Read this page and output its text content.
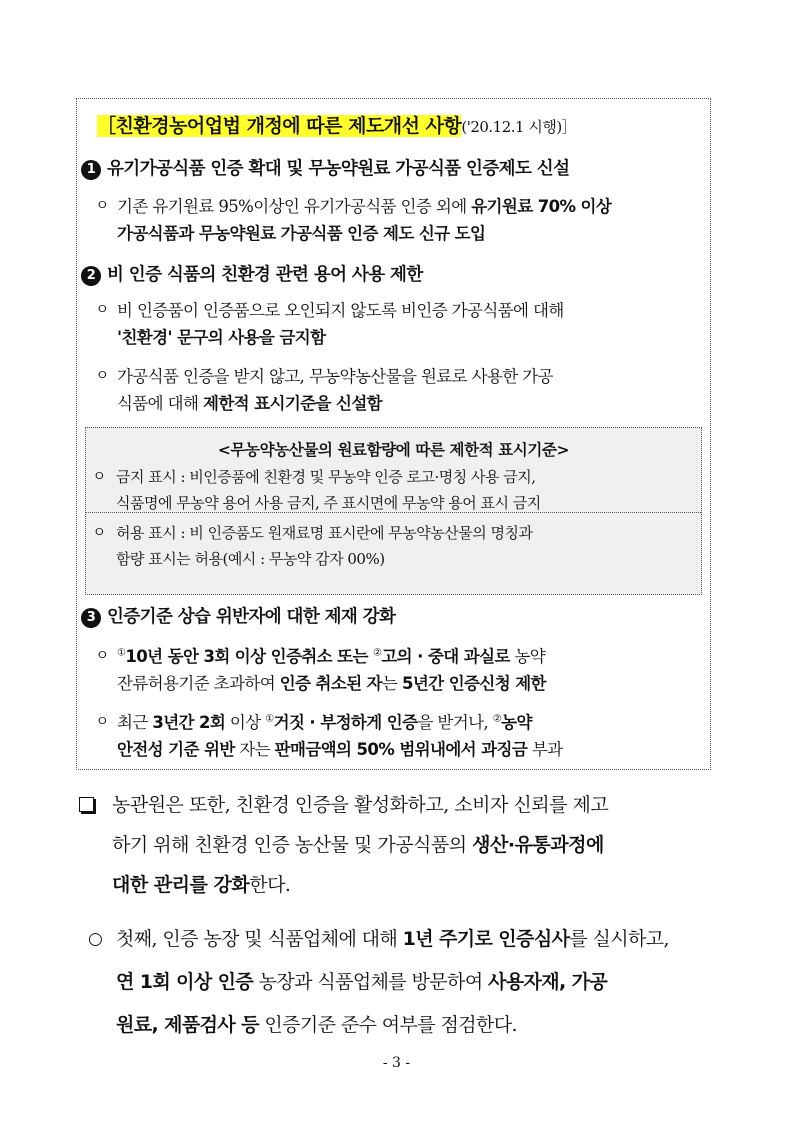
［친환경농어업법 개정에 따른 제도개선 사항('20.12.1 시행)］
1 유기가공식품 인증 확대 및 무농약원료 가공식품 인증제도 신설
ㅇ 기존 유기원료 95%이상인 유기가공식품 인증 외에 유기원료 70% 이상
가공식품과 무농약원료 가공식품 인증 제도 신규 도입
2 비 인증 식품의 친환경 관련 용어 사용 제한
ㅇ 비 인증품이 인증품으로 오인되지 않도록 비인증 가공식품에 대해
'친환경' 문구의 사용을 금지함
ㅇ 가공식품 인증을 받지 않고, 무농약농산물을 원료로 사용한 가공
식품에 대해 제한적 표시기준을 신설함
<무농약농산물의 원료함량에 따른 제한적 표시기준>
ㅇ 금지 표시 : 비인증품에 친환경 및 무농약 인증 로고·명칭 사용 금지,
식품명에 무농약 용어 사용 금지, 주 표시면에 무농약 용어 표시 금지
ㅇ 허용 표시 : 비 인증품도 원재료명 표시란에 무농약농산물의 명칭과
함량 표시는 허용(예시 : 무농약 감자 00%)
3 인증기준 상습 위반자에 대한 제재 강화
ㅇ ①10년 동안 3회 이상 인증취소 또는 ②고의 · 중대 과실로 농약
잔류허용기준 초과하여 인증 취소된 자는 5년간 인증신청 제한
ㅇ 최근 3년간 2회 이상 ①거짓 · 부정하게 인증을 받거나, ②농약
안전성 기준 위반 자는 판매금액의 50% 범위내에서 과징금 부과
농관원은 또한, 친환경 인증을 활성화하고, 소비자 신뢰를 제고
하기 위해 친환경 인증 농산물 및 가공식품의 생산·유통과정에
대한 관리를 강화한다.
○ 첫째, 인증 농장 및 식품업체에 대해 1년 주기로 인증심사를 실시하고,
연 1회 이상 인증 농장과 식품업체를 방문하여 사용자재, 가공
원료, 제품검사 등 인증기준 준수 여부를 점검한다.
- 3 -
